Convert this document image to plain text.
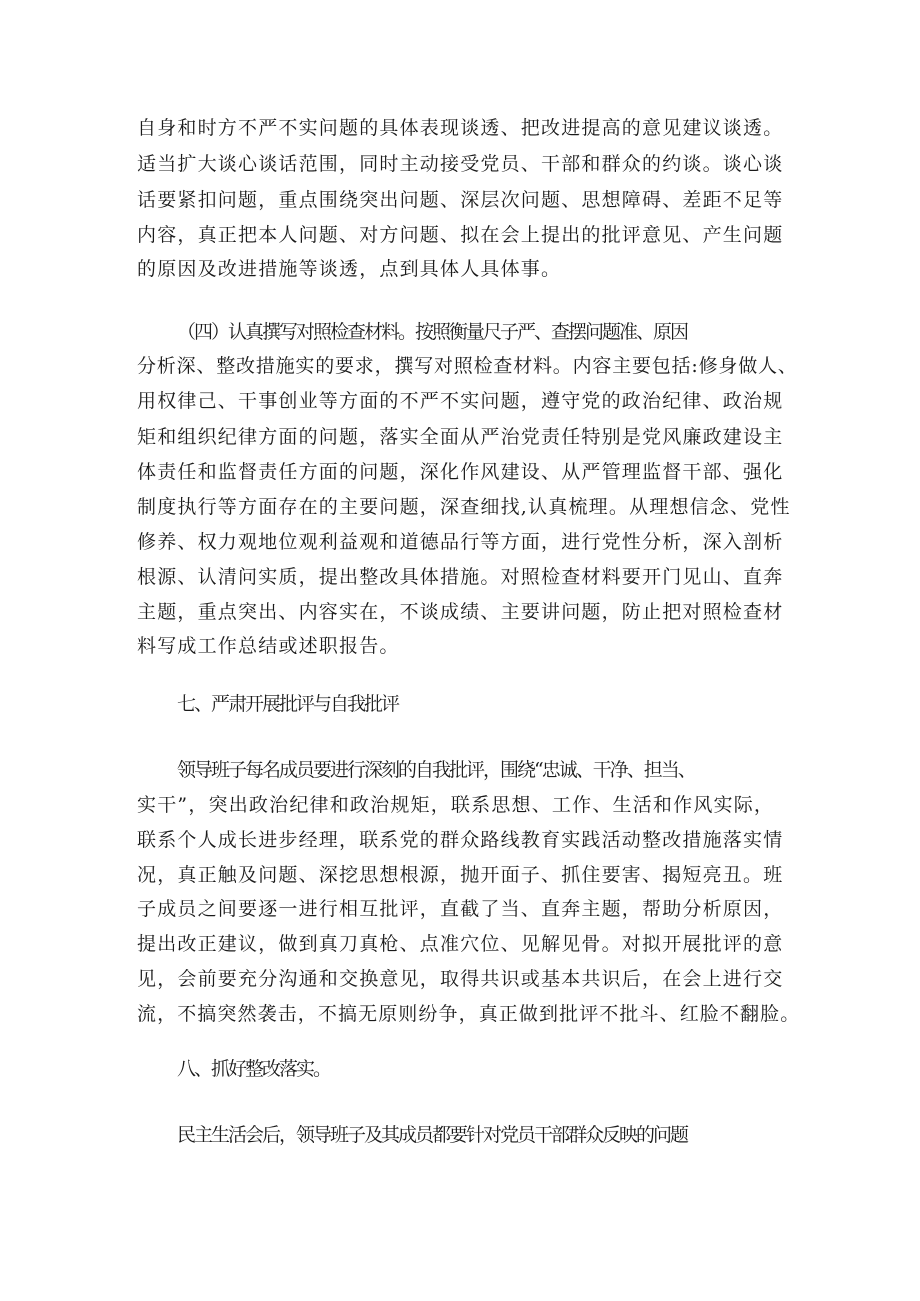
自身和时方不严不实问题的具体表现谈透、把改进提高的意见建议谈透。
适当扩大谈心谈话范围，同时主动接受党员、干部和群众的约谈。谈心谈
话要紧扣问题，重点围绕突出问题、深层次问题、思想障碍、差距不足等
内容，真正把本人问题、对方问题、拟在会上提出的批评意见、产生问题
的原因及改进措施等谈透，点到具体人具体事。
（四）认真撰写对照检查材料。按照衡量尺子严、查摆问题准、原因
分析深、整改措施实的要求，撰写对照检查材料。内容主要包括:修身做人、
用权律己、干事创业等方面的不严不实问题，遵守党的政治纪律、政治规
矩和组织纪律方面的问题，落实全面从严治党责任特别是党风廉政建设主
体责任和监督责任方面的问题，深化作风建设、从严管理监督干部、强化
制度执行等方面存在的主要问题，深查细找,认真梳理。从理想信念、党性
修养、权力观地位观利益观和道德品行等方面，进行党性分析，深入剖析
根源、认清问实质，提出整改具体措施。对照检查材料要开门见山、直奔
主题，重点突出、内容实在，不谈成绩、主要讲问题，防止把对照检查材
料写成工作总结或述职报告。
七、严肃开展批评与自我批评
领导班子每名成员要进行深刻的自我批评，围绕“忠诚、干净、担当、
实干”，突出政治纪律和政治规矩，联系思想、工作、生活和作风实际，
联系个人成长进步经理，联系党的群众路线教育实践活动整改措施落实情
况，真正触及问题、深挖思想根源，抛开面子、抓住要害、揭短亮丑。班
子成员之间要逐一进行相互批评，直截了当、直奔主题，帮助分析原因，
提出改正建议，做到真刀真枪、点准穴位、见解见骨。对拟开展批评的意
见，会前要充分沟通和交换意见，取得共识或基本共识后，在会上进行交
流，不搞突然袭击，不搞无原则纷争，真正做到批评不批斗、红脸不翻脸。
八、抓好整改落实。
民主生活会后，领导班子及其成员都要针对党员干部群众反映的问题
